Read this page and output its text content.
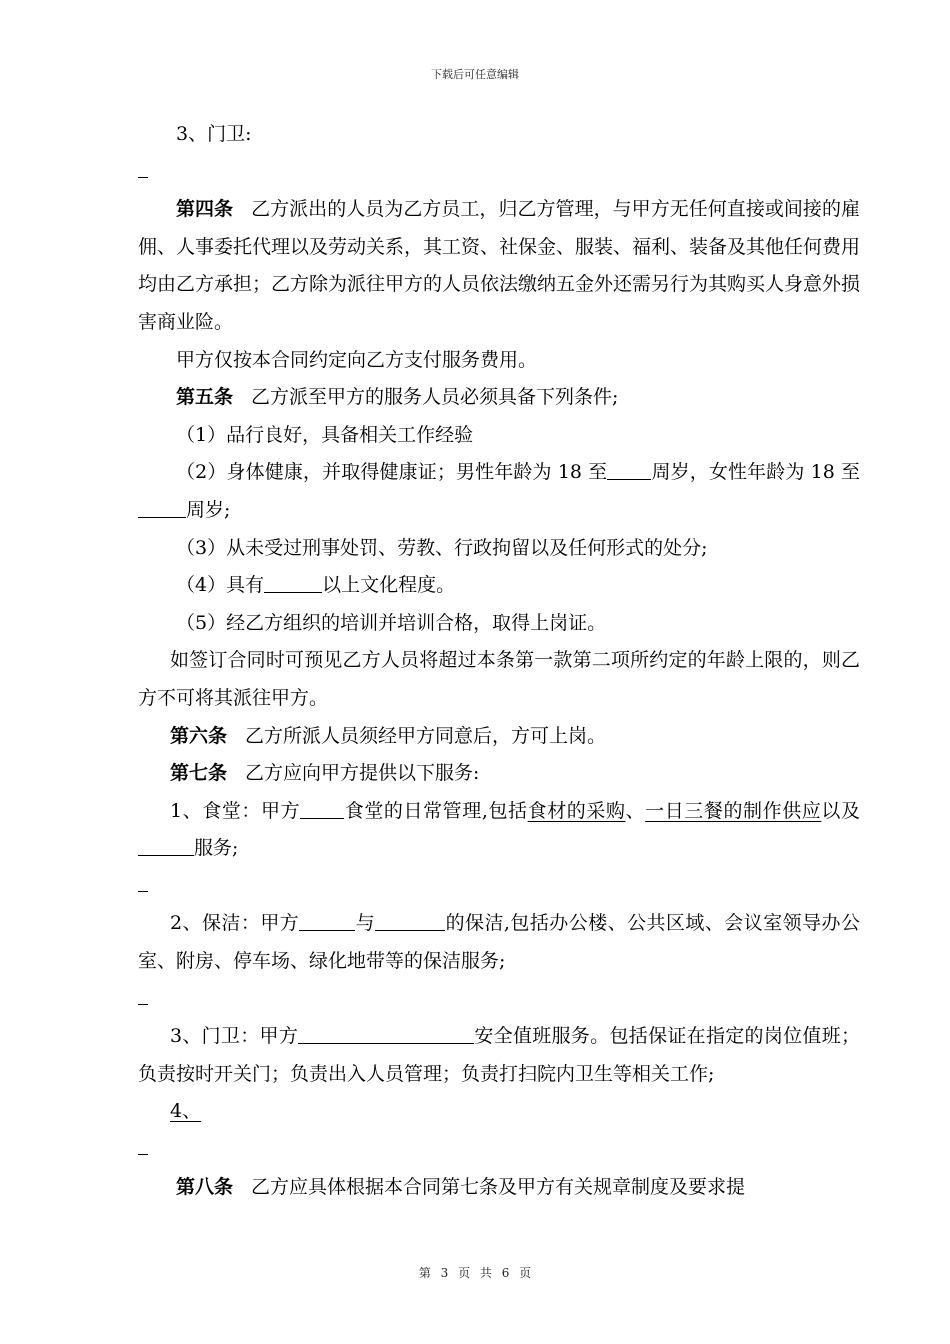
下载后可任意编辑

3、门卫:

第四条 乙方派出的人员为乙方员工，归乙方管理，与甲方无任何直接或间接的雇佣、人事委托代理以及劳动关系，其工资、社保金、服装、福利、装备及其他任何费用均由乙方承担；乙方除为派往甲方的人员依法缴纳五金外还需另行为其购买人身意外损害商业险。

甲方仅按本合同约定向乙方支付服务费用。

第五条 乙方派至甲方的服务人员必须具备下列条件;

（1）品行良好，具备相关工作经验

（2）身体健康，并取得健康证；男性年龄为 18 至 周岁，女性年龄为 18 至周岁;

（3）从未受过刑事处罚、劳教、行政拘留以及任何形式的处分;

（4）具有	以上文化程度。

（5）经乙方组织的培训并培训合格，取得上岗证。

如签订合同时可预见乙方人员将超过本条第一款第二项所约定的年龄上限的，则乙方不可将其派往甲方。

第六条 乙方所派人员须经甲方同意后，方可上岗。

第七条 乙方应向甲方提供以下服务:

1、食堂：甲方 食堂的日常管理,包括食材的采购、一日三餐的制作供应以及服务;

2、保洁：甲方	与	的保洁,包括办公楼、公共区域、会议室领导办公室、附房、停车场、绿化地带等的保洁服务;

3、门卫：甲方	安全值班服务。包括保证在指定的岗位值班；负责按时开关门；负责出入人员管理；负责打扫院内卫生等相关工作;

4、

第八条 乙方应具体根据本合同第七条及甲方有关规章制度及要求提

第 3 页 共 6 页
